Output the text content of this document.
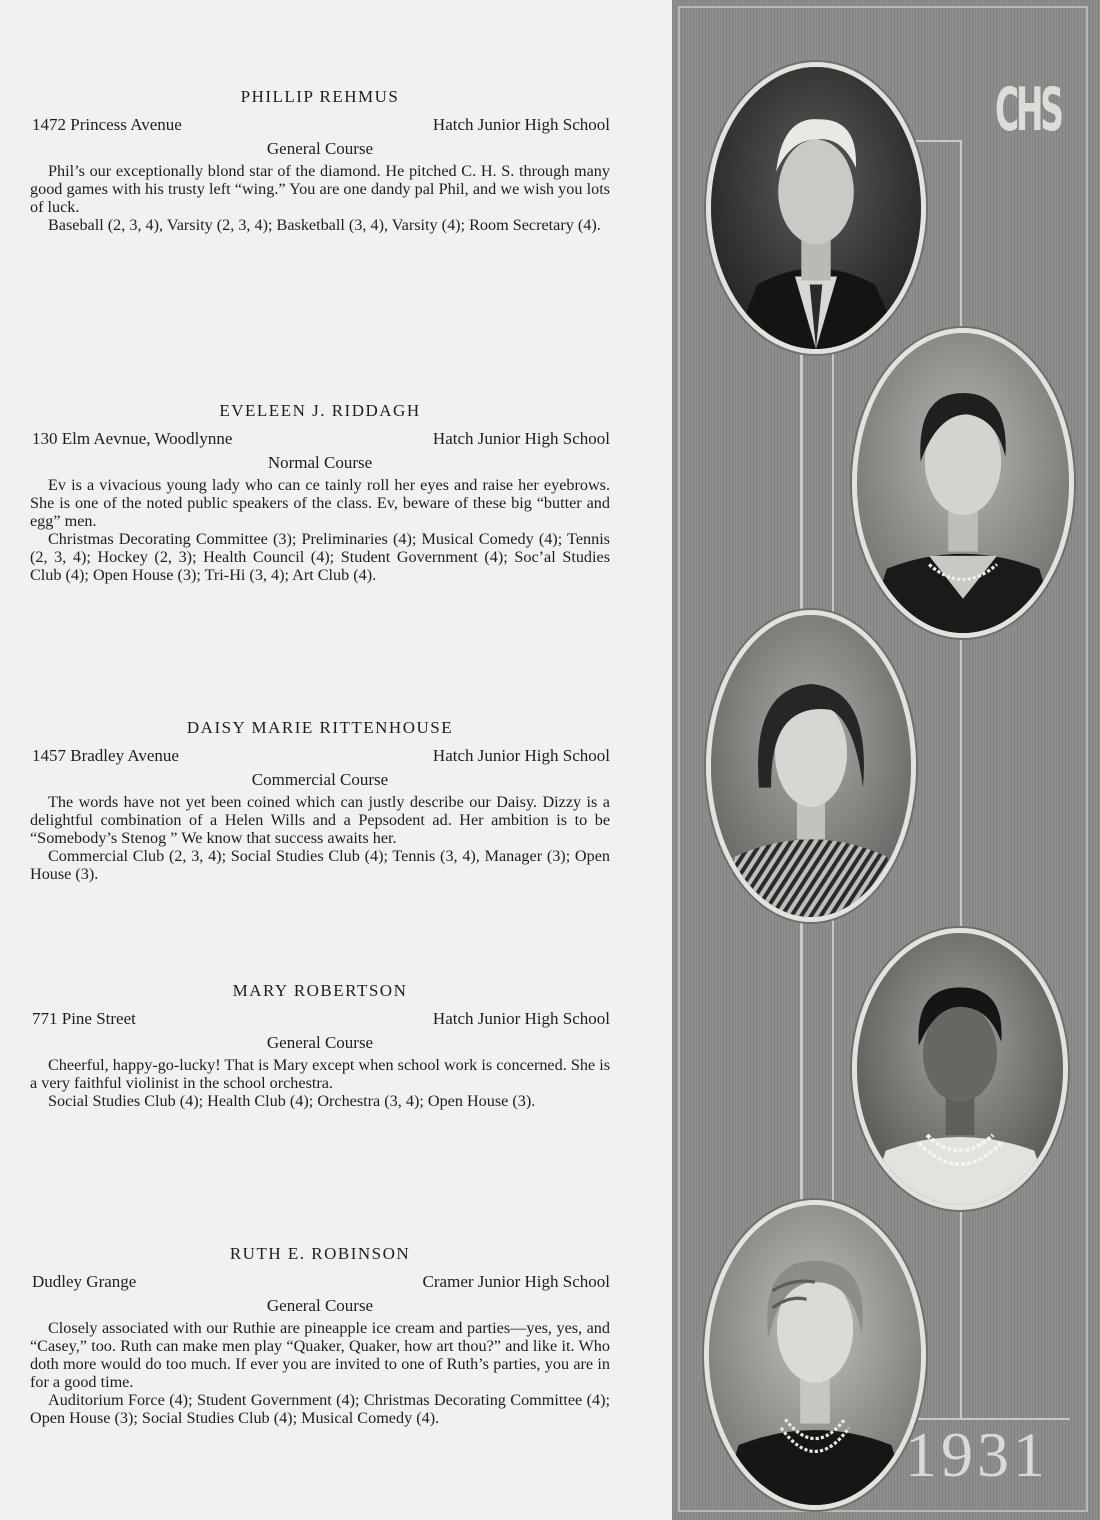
PHILLIP REHMUS
1472 Princess Avenue	Hatch Junior High School
General Course

Phil’s our exceptionally blond star of the diamond. He pitched C. H. S. through many good games with his trusty left “wing.” You are one dandy pal Phil, and we wish you lots of luck.

Baseball (2, 3, 4), Varsity (2, 3, 4); Basketball (3, 4), Varsity (4); Room Secretary (4).

EVELEEN J. RIDDAGH
130 Elm Aevnue, Woodlynne	Hatch Junior High School
Normal Course

Ev is a vivacious young lady who can ce tainly roll her eyes and raise her eyebrows. She is one of the noted public speakers of the class. Ev, beware of these big “butter and egg” men.

Christmas Decorating Committee (3); Preliminaries (4); Musical Comedy (4); Tennis (2, 3, 4); Hockey (2, 3); Health Council (4); Student Government (4); Soc’al Studies Club (4); Open House (3); Tri-Hi (3, 4); Art Club (4).

DAISY MARIE RITTENHOUSE
1457 Bradley Avenue	Hatch Junior High School
Commercial Course

The words have not yet been coined which can justly describe our Daisy. Dizzy is a delightful combination of a Helen Wills and a Pepsodent ad. Her ambition is to be “Somebody’s Stenog ” We know that success awaits her.

Commercial Club (2, 3, 4); Social Studies Club (4); Tennis (3, 4), Manager (3); Open House (3).

MARY ROBERTSON
771 Pine Street	Hatch Junior High School
General Course

Cheerful, happy-go-lucky! That is Mary except when school work is concerned. She is a very faithful violinist in the school orchestra.

Social Studies Club (4); Health Club (4); Orchestra (3, 4); Open House (3).

RUTH E. ROBINSON
Dudley Grange	Cramer Junior High School
General Course

Closely associated with our Ruthie are pineapple ice cream and parties—yes, yes, and “Casey,” too. Ruth can make men play “Quaker, Quaker, how art thou?” and like it. Who doth more would do too much. If ever you are invited to one of Ruth’s parties, you are in for a good time.

Auditorium Force (4); Student Government (4); Christmas Decorating Committee (4); Open House (3); Social Studies Club (4); Musical Comedy (4).

CHS
1931
